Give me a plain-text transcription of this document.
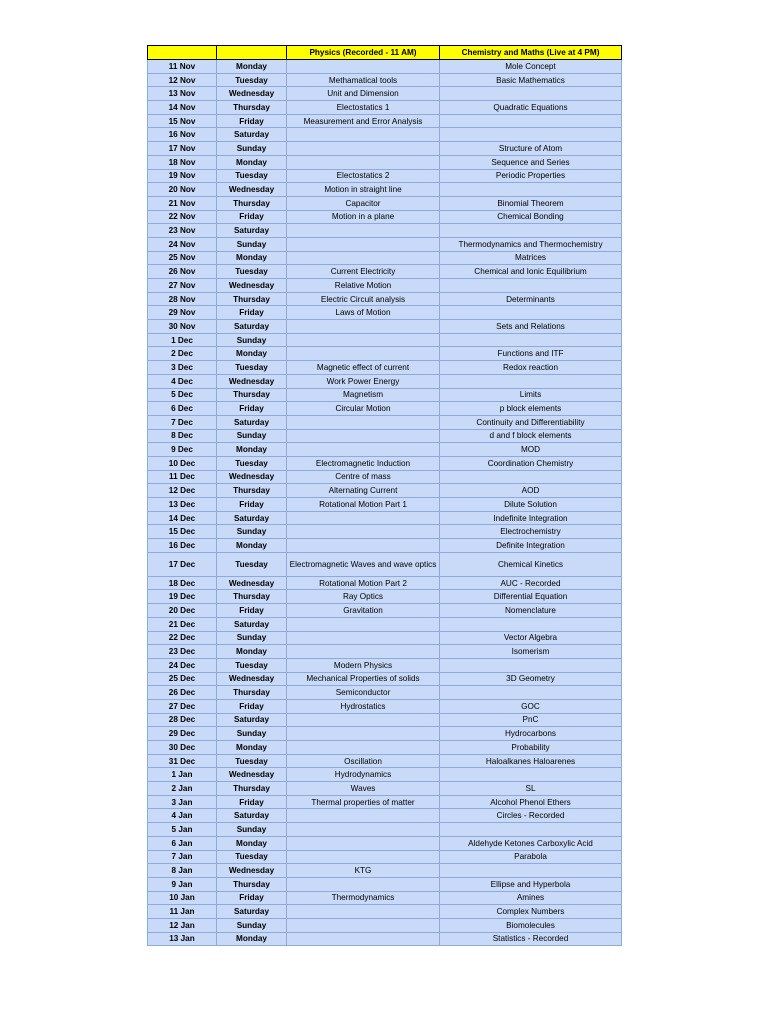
		Physics (Recorded - 11 AM)	Chemistry and Maths (Live at 4 PM)
11 Nov	Monday		Mole Concept
12 Nov	Tuesday	Methamatical tools	Basic Mathematics
13 Nov	Wednesday	Unit and Dimension	
14 Nov	Thursday	Electostatics 1	Quadratic Equations
15 Nov	Friday	Measurement and Error Analysis	
16 Nov	Saturday		
17 Nov	Sunday		Structure of Atom
18 Nov	Monday		Sequence and Series
19 Nov	Tuesday	Electostatics 2	Periodic Properties
20 Nov	Wednesday	Motion in straight line	
21 Nov	Thursday	Capacitor	Binomial Theorem
22 Nov	Friday	Motion in a plane	Chemical Bonding
23 Nov	Saturday		
24 Nov	Sunday		Thermodynamics and Thermochemistry
25 Nov	Monday		Matrices
26 Nov	Tuesday	Current Electricity	Chemical and Ionic Equilibrium
27 Nov	Wednesday	Relative Motion	
28 Nov	Thursday	Electric Circuit analysis	Determinants
29 Nov	Friday	Laws of Motion	
30 Nov	Saturday		Sets and Relations
1 Dec	Sunday		
2 Dec	Monday		Functions and ITF
3 Dec	Tuesday	Magnetic effect of current	Redox reaction
4 Dec	Wednesday	Work Power Energy	
5 Dec	Thursday	Magnetism	Limits
6 Dec	Friday	Circular Motion	p block elements
7 Dec	Saturday		Continuity and Differentiability
8 Dec	Sunday		d and f block elements
9 Dec	Monday		MOD
10 Dec	Tuesday	Electromagnetic Induction	Coordination Chemistry
11 Dec	Wednesday	Centre of mass	
12 Dec	Thursday	Alternating Current	AOD
13 Dec	Friday	Rotational Motion Part 1	Dilute Solution
14 Dec	Saturday		Indefinite Integration
15 Dec	Sunday		Electrochemistry
16 Dec	Monday		Definite Integration
17 Dec	Tuesday	Electromagnetic Waves and wave optics	Chemical Kinetics
18 Dec	Wednesday	Rotational Motion Part 2	AUC - Recorded
19 Dec	Thursday	Ray Optics	Differential Equation
20 Dec	Friday	Gravitation	Nomenclature
21 Dec	Saturday		
22 Dec	Sunday		Vector Algebra
23 Dec	Monday		Isomerism
24 Dec	Tuesday	Modern Physics	
25 Dec	Wednesday	Mechanical Properties of solids	3D Geometry
26 Dec	Thursday	Semiconductor	
27 Dec	Friday	Hydrostatics	GOC
28 Dec	Saturday		PnC
29 Dec	Sunday		Hydrocarbons
30 Dec	Monday		Probability
31 Dec	Tuesday	Oscillation	Haloalkanes Haloarenes
1 Jan	Wednesday	Hydrodynamics	
2 Jan	Thursday	Waves	SL
3 Jan	Friday	Thermal properties of matter	Alcohol Phenol Ethers
4 Jan	Saturday		Circles - Recorded
5 Jan	Sunday		
6 Jan	Monday		Aldehyde Ketones Carboxylic Acid
7 Jan	Tuesday		Parabola
8 Jan	Wednesday	KTG	
9 Jan	Thursday		Ellipse and Hyperbola
10 Jan	Friday	Thermodynamics	Amines
11 Jan	Saturday		Complex Numbers
12 Jan	Sunday		Biomolecules
13 Jan	Monday		Statistics - Recorded
